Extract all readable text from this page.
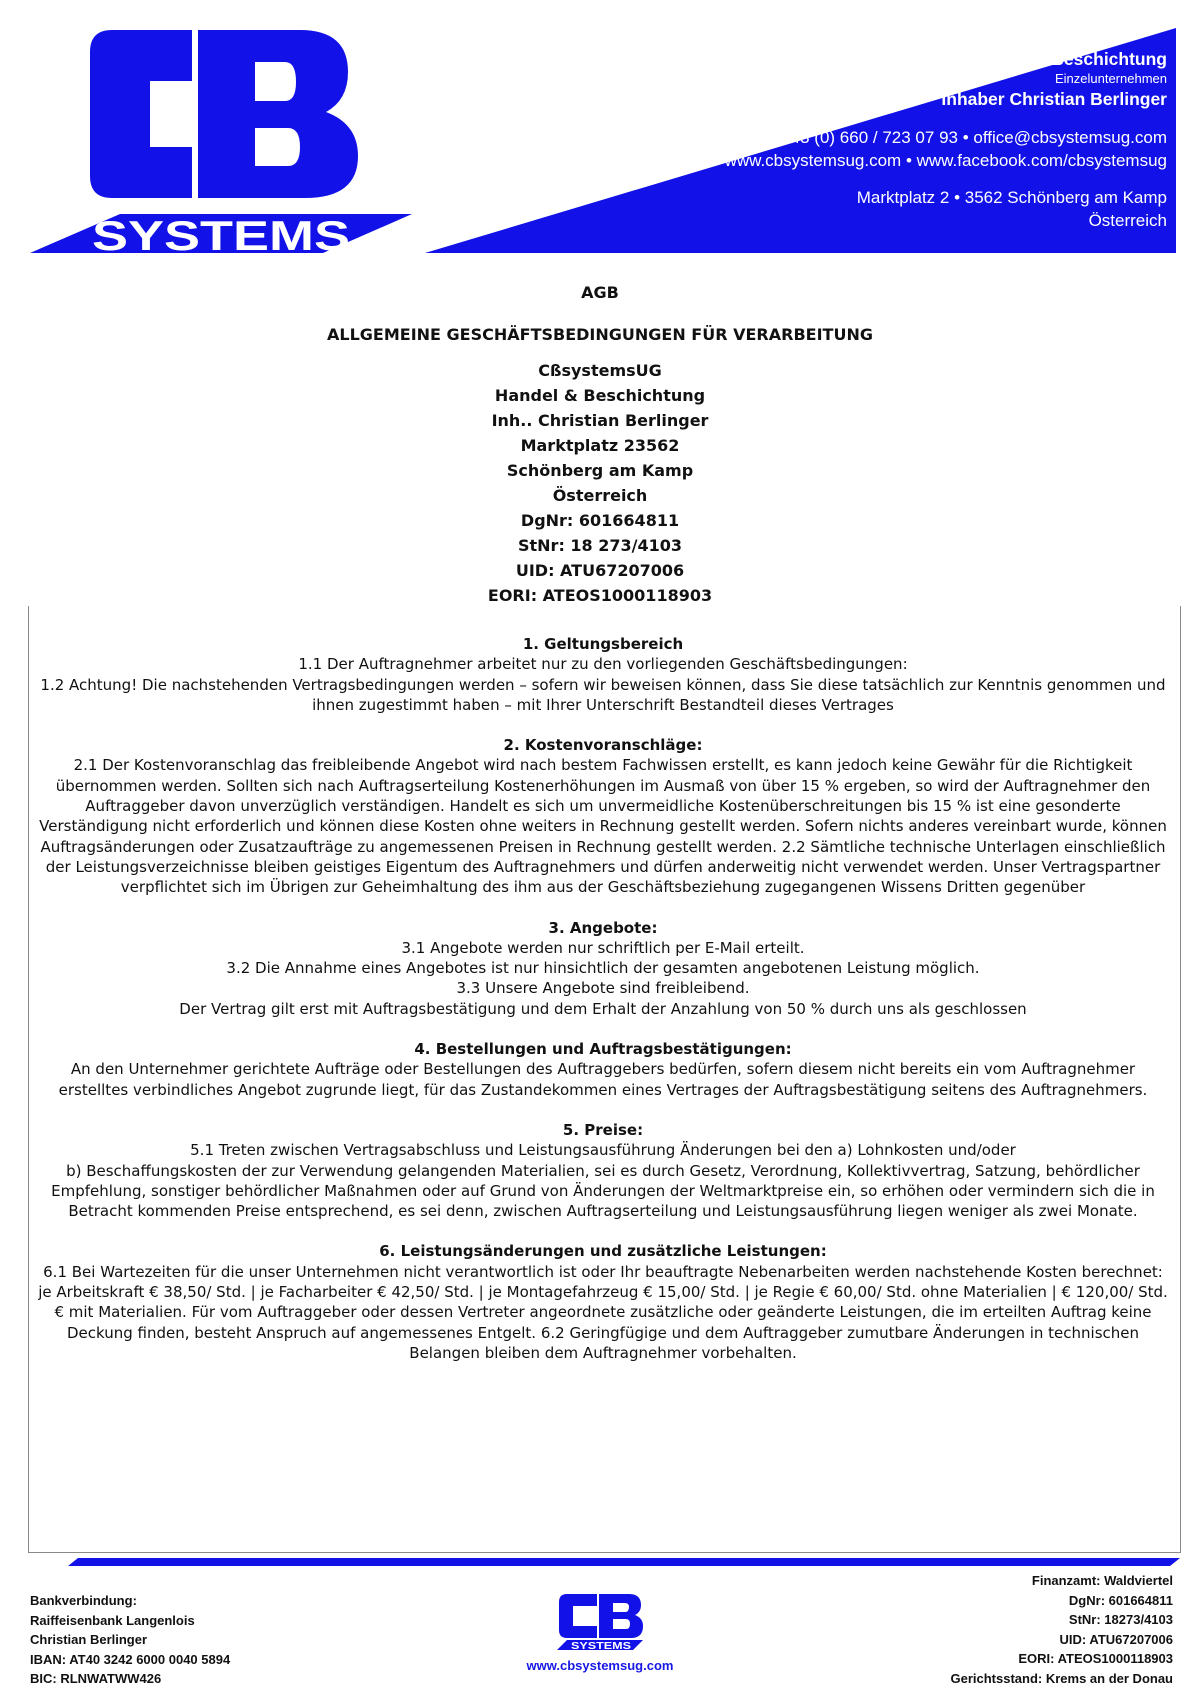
SYSTEMS
"CBsystemsUG" – Handel & Beschichtung
Einzelunternehmen
Inhaber Christian Berlinger
+43 (0) 660 / 723 07 93 • office@cbsystemsug.com
www.cbsystemsug.com • www.facebook.com/cbsystemsug
Marktplatz 2 • 3562 Schönberg am Kamp
Österreich
AGB
ALLGEMEINE GESCHÄFTSBEDINGUNGEN FÜR VERARBEITUNG
CßsystemsUG
Handel & Beschichtung
Inh.. Christian Berlinger
Marktplatz 23562
Schönberg am Kamp
Österreich
DgNr: 601664811
StNr: 18 273/4103
UID: ATU67207006
EORI: ATEOS1000118903
1. Geltungsbereich
1.1 Der Auftragnehmer arbeitet nur zu den vorliegenden Geschäftsbedingungen:
1.2 Achtung! Die nachstehenden Vertragsbedingungen werden – sofern wir beweisen können, dass Sie diese tatsächlich zur Kenntnis genommen und ihnen zugestimmt haben – mit Ihrer Unterschrift Bestandteil dieses Vertrages
2. Kostenvoranschläge:
2.1 Der Kostenvoranschlag das freibleibende Angebot wird nach bestem Fachwissen erstellt, es kann jedoch keine Gewähr für die Richtigkeit übernommen werden. Sollten sich nach Auftragserteilung Kostenerhöhungen im Ausmaß von über 15 % ergeben, so wird der Auftragnehmer den Auftraggeber davon unverzüglich verständigen. Handelt es sich um unvermeidliche Kostenüberschreitungen bis 15 % ist eine gesonderte Verständigung nicht erforderlich und können diese Kosten ohne weiters in Rechnung gestellt werden. Sofern nichts anderes vereinbart wurde, können Auftragsänderungen oder Zusatzaufträge zu angemessenen Preisen in Rechnung gestellt werden. 2.2 Sämtliche technische Unterlagen einschließlich der Leistungsverzeichnisse bleiben geistiges Eigentum des Auftragnehmers und dürfen anderweitig nicht verwendet werden. Unser Vertragspartner verpflichtet sich im Übrigen zur Geheimhaltung des ihm aus der Geschäftsbeziehung zugegangenen Wissens Dritten gegenüber
3. Angebote:
3.1 Angebote werden nur schriftlich per E-Mail erteilt.
3.2 Die Annahme eines Angebotes ist nur hinsichtlich der gesamten angebotenen Leistung möglich.
3.3 Unsere Angebote sind freibleibend.
Der Vertrag gilt erst mit Auftragsbestätigung und dem Erhalt der Anzahlung von 50 % durch uns als geschlossen
4. Bestellungen und Auftragsbestätigungen:
An den Unternehmer gerichtete Aufträge oder Bestellungen des Auftraggebers bedürfen, sofern diesem nicht bereits ein vom Auftragnehmer erstelltes verbindliches Angebot zugrunde liegt, für das Zustandekommen eines Vertrages der Auftragsbestätigung seitens des Auftragnehmers.
5. Preise:
5.1 Treten zwischen Vertragsabschluss und Leistungsausführung Änderungen bei den a) Lohnkosten und/oder
b) Beschaffungskosten der zur Verwendung gelangenden Materialien, sei es durch Gesetz, Verordnung, Kollektivvertrag, Satzung, behördlicher Empfehlung, sonstiger behördlicher Maßnahmen oder auf Grund von Änderungen der Weltmarktpreise ein, so erhöhen oder vermindern sich die in Betracht kommenden Preise entsprechend, es sei denn, zwischen Auftragserteilung und Leistungsausführung liegen weniger als zwei Monate.
6. Leistungsänderungen und zusätzliche Leistungen:
6.1 Bei Wartezeiten für die unser Unternehmen nicht verantwortlich ist oder Ihr beauftragte Nebenarbeiten werden nachstehende Kosten berechnet: je Arbeitskraft € 38,50/ Std. | je Facharbeiter € 42,50/ Std. | je Montagefahrzeug € 15,00/ Std. | je Regie € 60,00/ Std. ohne Materialien | € 120,00/ Std. € mit Materialien. Für vom Auftraggeber oder dessen Vertreter angeordnete zusätzliche oder geänderte Leistungen, die im erteilten Auftrag keine Deckung finden, besteht Anspruch auf angemessenes Entgelt. 6.2 Geringfügige und dem Auftraggeber zumutbare Änderungen in technischen Belangen bleiben dem Auftragnehmer vorbehalten.
Bankverbindung:
Raiffeisenbank Langenlois
Christian Berlinger
IBAN: AT40 3242 6000 0040 5894
BIC: RLNWATWW426
SYSTEMS
www.cbsystemsug.com
Finanzamt: Waldviertel
DgNr: 601664811
StNr: 18273/4103
UID: ATU67207006
EORI: ATEOS1000118903
Gerichtsstand: Krems an der Donau
